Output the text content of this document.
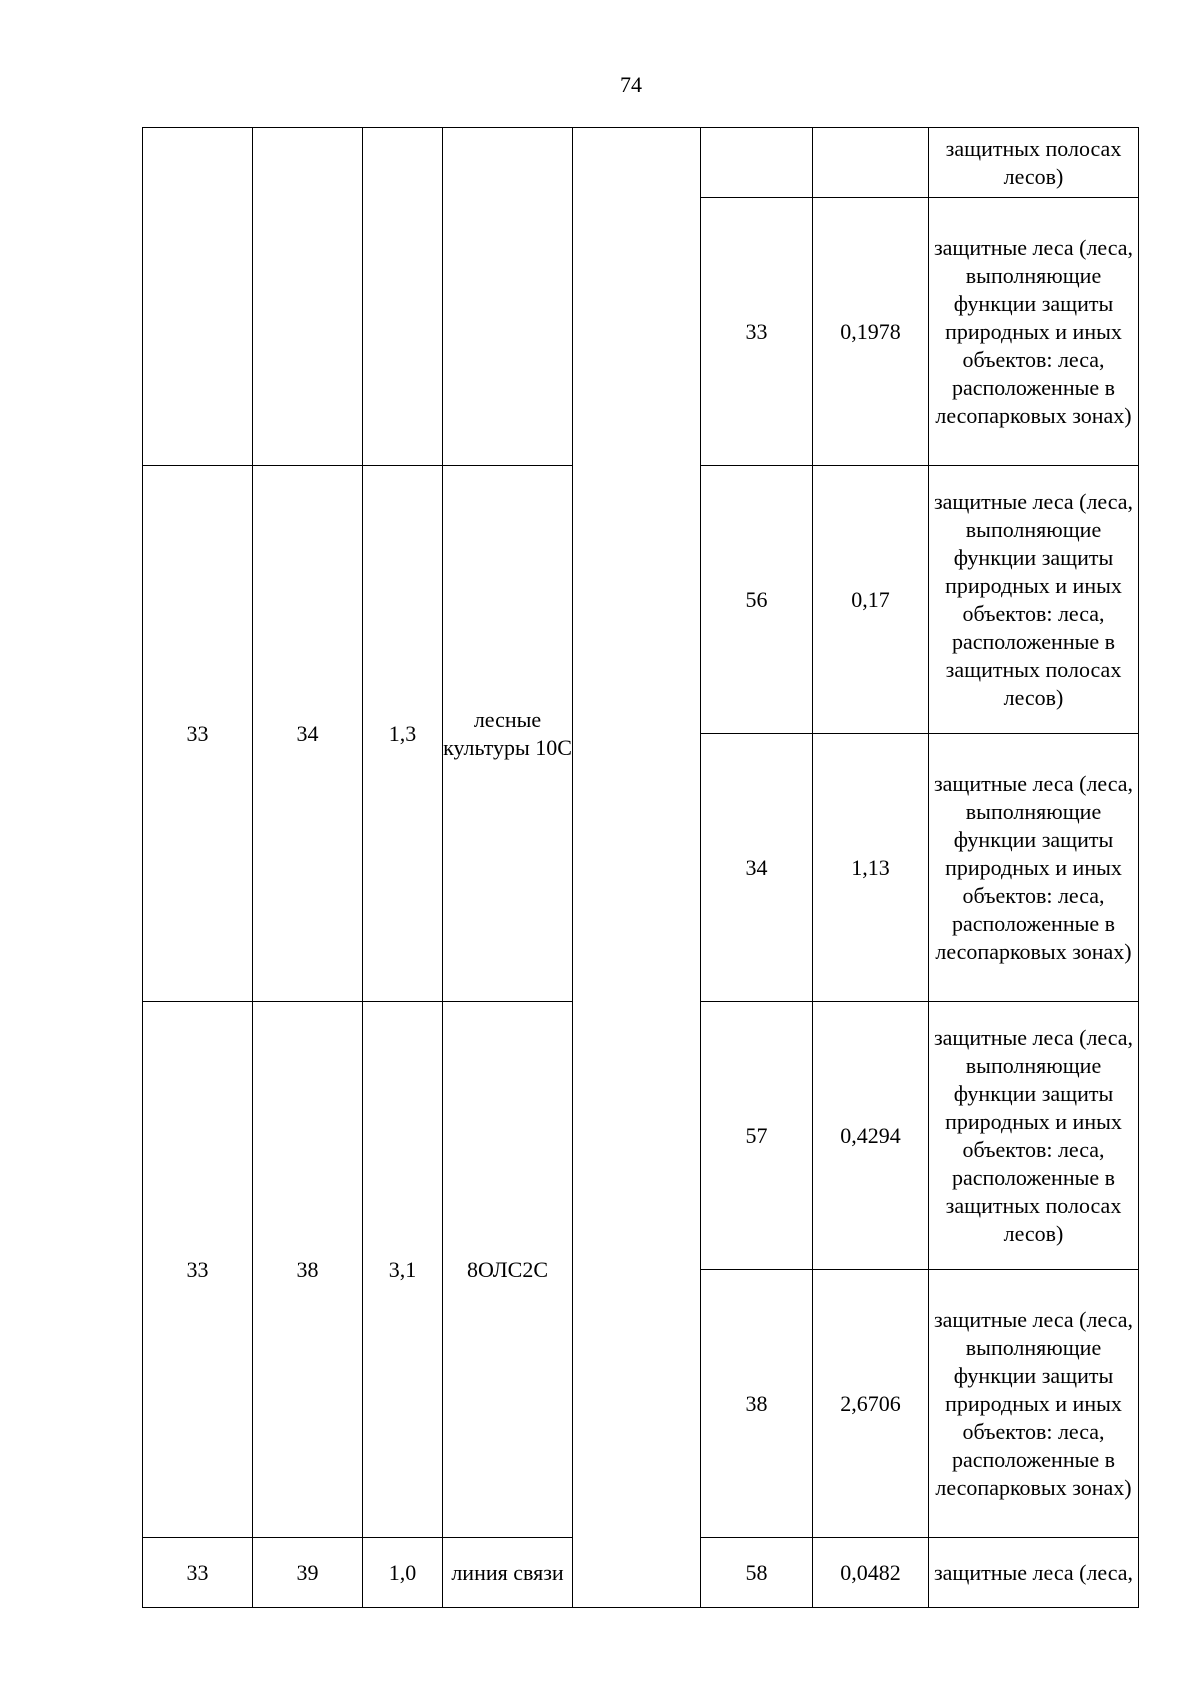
74
							защитных полосах лесов)
					33	0,1978	защитные леса (леса, выполняющие функции защиты природных и иных объектов: леса, расположенные в лесопарковых зонах)
33	34	1,3	лесные культуры 10С		56	0,17	защитные леса (леса, выполняющие функции защиты природных и иных объектов: леса, расположенные в защитных полосах лесов)
					34	1,13	защитные леса (леса, выполняющие функции защиты природных и иных объектов: леса, расположенные в лесопарковых зонах)
33	38	3,1	8ОЛС2С		57	0,4294	защитные леса (леса, выполняющие функции защиты природных и иных объектов: леса, расположенные в защитных полосах лесов)
					38	2,6706	защитные леса (леса, выполняющие функции защиты природных и иных объектов: леса, расположенные в лесопарковых зонах)
33	39	1,0	линия связи		58	0,0482	защитные леса (леса,
